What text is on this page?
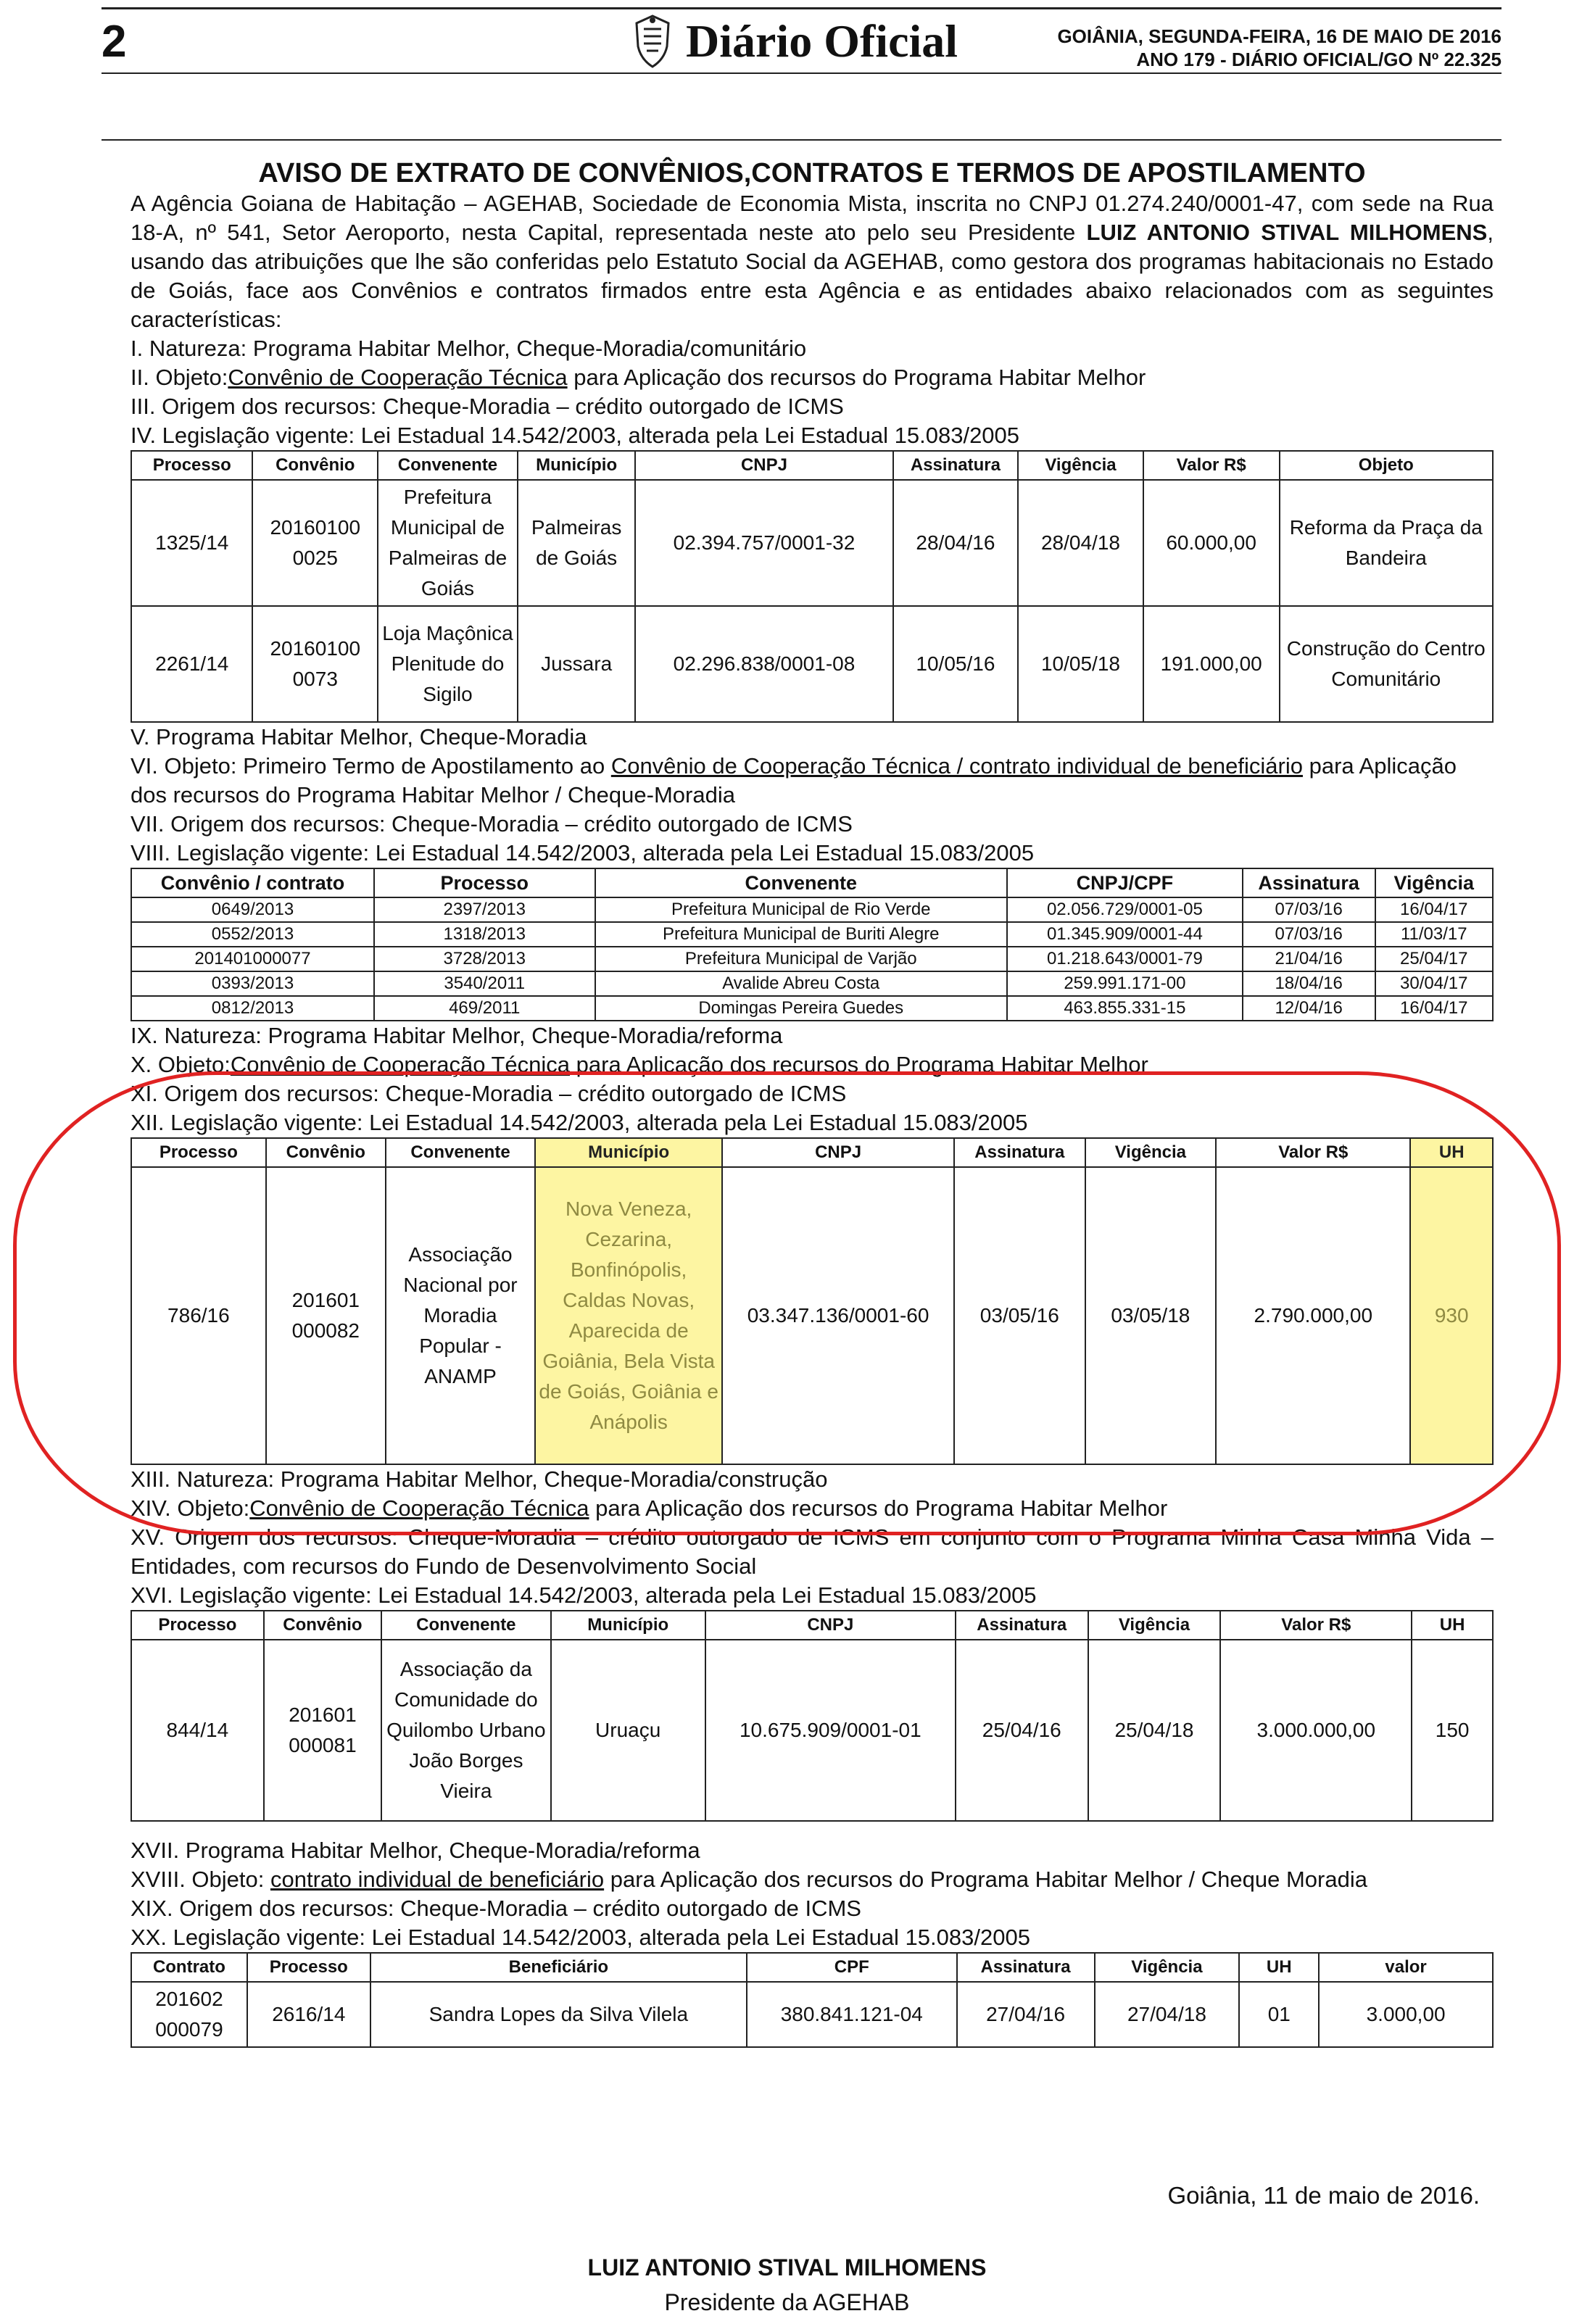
2	Diário Oficial	GOIÂNIA, SEGUNDA-FEIRA, 16 DE MAIO DE 2016
ANO 179 - DIÁRIO OFICIAL/GO Nº 22.325
AVISO DE EXTRATO DE CONVÊNIOS,CONTRATOS E TERMOS DE APOSTILAMENTO
A Agência Goiana de Habitação – AGEHAB, Sociedade de Economia Mista, inscrita no CNPJ 01.274.240/0001-47, com sede na Rua 18-A, nº 541, Setor Aeroporto, nesta Capital, representada neste ato pelo seu Presidente LUIZ ANTONIO STIVAL MILHOMENS, usando das atribuições que lhe são conferidas pelo Estatuto Social da AGEHAB, como gestora dos programas habitacionais no Estado de Goiás, face aos Convênios e contratos firmados entre esta Agência e as entidades abaixo relacionados com as seguintes características:
I. Natureza: Programa Habitar Melhor, Cheque-Moradia/comunitário
II. Objeto:Convênio de Cooperação Técnica para Aplicação dos recursos do Programa Habitar Melhor
III. Origem dos recursos: Cheque-Moradia – crédito outorgado de ICMS
IV. Legislação vigente: Lei Estadual 14.542/2003, alterada pela Lei Estadual 15.083/2005
Processo	Convênio	Convenente	Município	CNPJ	Assinatura	Vigência	Valor R$	Objeto
1325/14	20160100 0025	Prefeitura Municipal de Palmeiras de Goiás	Palmeiras de Goiás	02.394.757/0001-32	28/04/16	28/04/18	60.000,00	Reforma da Praça da Bandeira
2261/14	20160100 0073	Loja Maçônica Plenitude do Sigilo	Jussara	02.296.838/0001-08	10/05/16	10/05/18	191.000,00	Construção do Centro Comunitário
V. Programa Habitar Melhor, Cheque-Moradia
VI. Objeto: Primeiro Termo de Apostilamento ao Convênio de Cooperação Técnica / contrato individual de beneficiário para Aplicação dos recursos do Programa Habitar Melhor / Cheque-Moradia
VII. Origem dos recursos: Cheque-Moradia – crédito outorgado de ICMS
VIII. Legislação vigente: Lei Estadual 14.542/2003, alterada pela Lei Estadual 15.083/2005
Convênio / contrato	Processo	Convenente	CNPJ/CPF	Assinatura	Vigência
0649/2013	2397/2013	Prefeitura Municipal de Rio Verde	02.056.729/0001-05	07/03/16	16/04/17
0552/2013	1318/2013	Prefeitura Municipal de Buriti Alegre	01.345.909/0001-44	07/03/16	11/03/17
201401000077	3728/2013	Prefeitura Municipal de Varjão	01.218.643/0001-79	21/04/16	25/04/17
0393/2013	3540/2011	Avalide Abreu Costa	259.991.171-00	18/04/16	30/04/17
0812/2013	469/2011	Domingas Pereira Guedes	463.855.331-15	12/04/16	16/04/17
IX. Natureza: Programa Habitar Melhor, Cheque-Moradia/reforma
X. Objeto:Convênio de Cooperação Técnica para Aplicação dos recursos do Programa Habitar Melhor
XI. Origem dos recursos: Cheque-Moradia – crédito outorgado de ICMS
XII. Legislação vigente: Lei Estadual 14.542/2003, alterada pela Lei Estadual 15.083/2005
Processo	Convênio	Convenente	Município	CNPJ	Assinatura	Vigência	Valor R$	UH
786/16	201601 000082	Associação Nacional por Moradia Popular - ANAMP	Nova Veneza, Cezarina, Bonfinópolis, Caldas Novas, Aparecida de Goiânia, Bela Vista de Goiás, Goiânia e Anápolis	03.347.136/0001-60	03/05/16	03/05/18	2.790.000,00	930
XIII. Natureza: Programa Habitar Melhor, Cheque-Moradia/construção
XIV. Objeto:Convênio de Cooperação Técnica para Aplicação dos recursos do Programa Habitar Melhor
XV. Origem dos recursos: Cheque-Moradia – crédito outorgado de ICMS em conjunto com o Programa Minha Casa Minha Vida – Entidades, com recursos do Fundo de Desenvolvimento Social
XVI. Legislação vigente: Lei Estadual 14.542/2003, alterada pela Lei Estadual 15.083/2005
Processo	Convênio	Convenente	Município	CNPJ	Assinatura	Vigência	Valor R$	UH
844/14	201601 000081	Associação da Comunidade do Quilombo Urbano João Borges Vieira	Uruaçu	10.675.909/0001-01	25/04/16	25/04/18	3.000.000,00	150
XVII. Programa Habitar Melhor, Cheque-Moradia/reforma
XVIII. Objeto: contrato individual de beneficiário para Aplicação dos recursos do Programa Habitar Melhor / Cheque Moradia
XIX. Origem dos recursos: Cheque-Moradia – crédito outorgado de ICMS
XX. Legislação vigente: Lei Estadual 14.542/2003, alterada pela Lei Estadual 15.083/2005
Contrato	Processo	Beneficiário	CPF	Assinatura	Vigência	UH	valor
201602 000079	2616/14	Sandra Lopes da Silva Vilela	380.841.121-04	27/04/16	27/04/18	01	3.000,00
Goiânia, 11 de maio de 2016.
LUIZ ANTONIO STIVAL MILHOMENS
Presidente da AGEHAB
